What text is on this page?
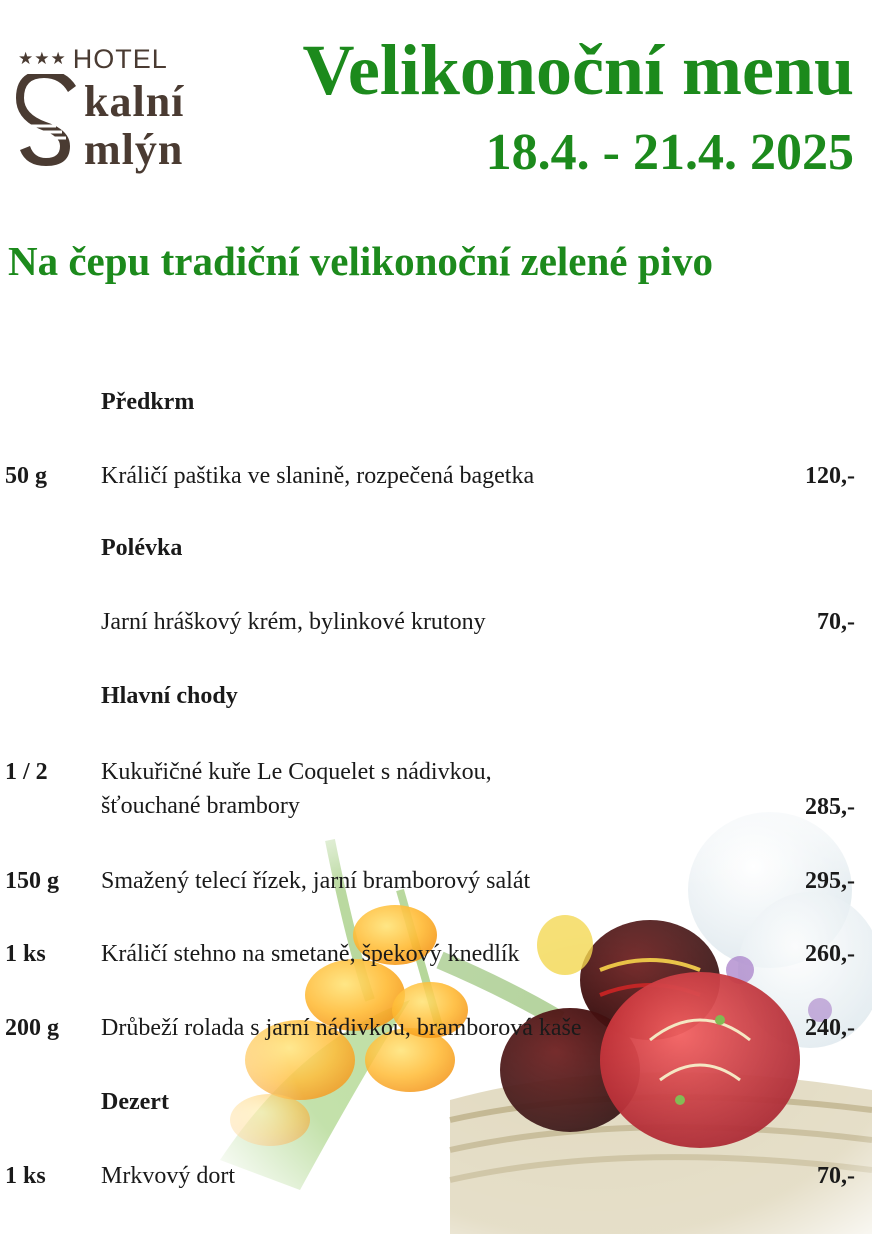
★★★ HOTEL
kalní
mlýn
Velikonoční menu
18.4. - 21.4. 2025
Na čepu tradiční velikonoční zelené pivo
Předkrm
50 g Králičí paštika ve slanině, rozpečená bagetka	120,-
Polévka
Jarní hráškový krém, bylinkové krutony	70,-
Hlavní chody
1 / 2 Kukuřičné kuře Le Coquelet s nádivkou,
šťouchané brambory	285,-
150 g Smažený telecí řízek, jarní bramborový salát	295,-
1 ks Králičí stehno na smetaně, špekový knedlík	260,-
200 g Drůbeží rolada s jarní nádivkou, bramborová kaše	240,-
Dezert
1 ks Mrkvový dort	70,-
